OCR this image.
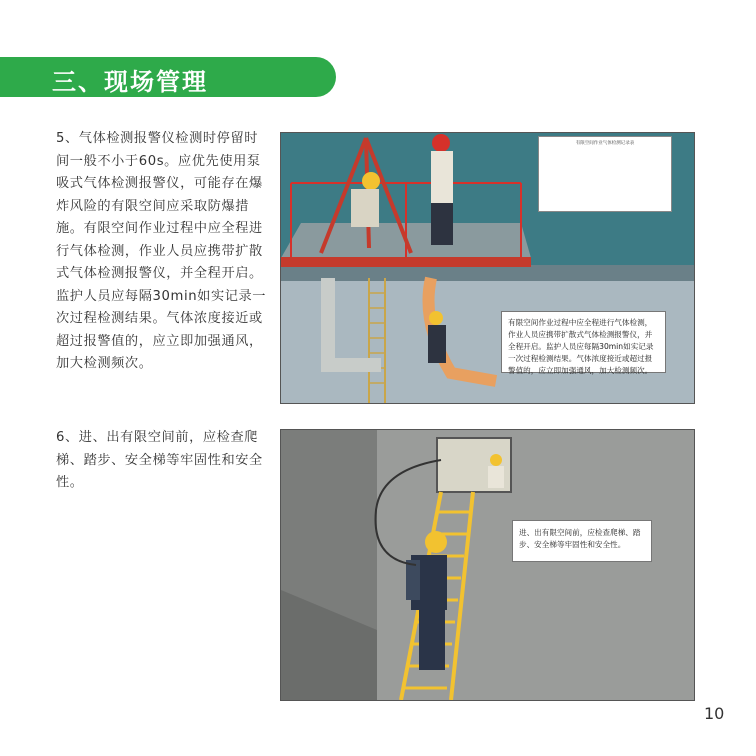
三、现场管理

5、气体检测报警仪检测时停留时间一般不小于60s。应优先使用泵吸式气体检测报警仪，可能存在爆炸风险的有限空间应采取防爆措施。有限空间作业过程中应全程进行气体检测，作业人员应携带扩散式气体检测报警仪，并全程开启。监护人员应每隔30min如实记录一次过程检测结果。气体浓度接近或超过报警值的，应立即加强通风，加大检测频次。

6、进、出有限空间前，应检查爬梯、踏步、安全梯等牢固性和安全性。

有限空间作业气体检测记录表
有限空间作业过程中应全程进行气体检测，作业人员应携带扩散式气体检测报警仪，并全程开启。监护人员应每隔30min如实记录一次过程检测结果。气体浓度接近或超过报警值的，应立即加强通风，加大检测频次。
进、出有限空间前，应检查爬梯、踏步、安全梯等牢固性和安全性。
10
